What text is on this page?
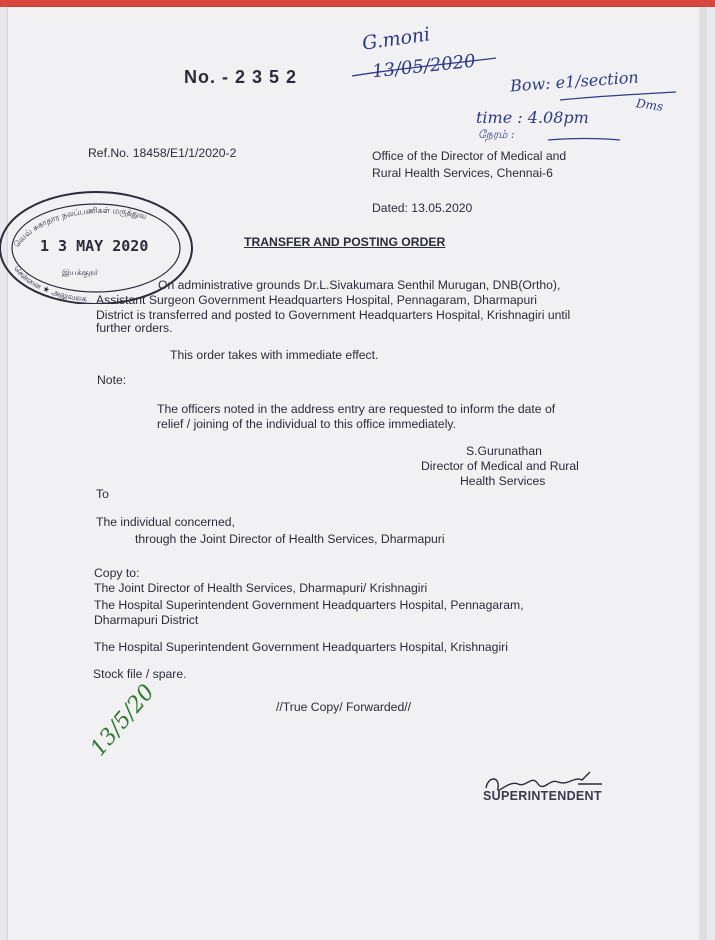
No. - 2 3 5 2
Ref.No. 18458/E1/1/2020-2	Office of the Director of Medical and
Rural Health Services, Chennai-6
Dated: 13.05.2020
TRANSFER AND POSTING ORDER
On administrative grounds Dr.L.Sivakumara Senthil Murugan, DNB(Ortho),
Assistant Surgeon Government Headquarters Hospital, Pennagaram, Dharmapuri
District is transferred and posted to Government Headquarters Hospital, Krishnagiri until
further orders.
This order takes with immediate effect.
Note:
The officers noted in the address entry are requested to inform the date of
relief / joining of the individual to this office immediately.
S.Gurunathan
Director of Medical and Rural
Health Services
To
The individual concerned,
through the Joint Director of Health Services, Dharmapuri
Copy to:
The Joint Director of Health Services, Dharmapuri/ Krishnagiri
The Hospital Superintendent Government Headquarters Hospital, Pennagaram,
Dharmapuri District
The Hospital Superintendent Government Headquarters Hospital, Krishnagiri
Stock file / spare.
//True Copy/ Forwarded//
SUPERINTENDENT
வெவ் சுகாதார நலப்பணிகள் மருத்துவ
1 3 MAY 2020
இயக்குநர்
சென்னை ★ அலுவலக
G.moni
13/05/2020 Bow: e1/section
Dms
time : 4.08pm
நேரம் :
13/5/20
